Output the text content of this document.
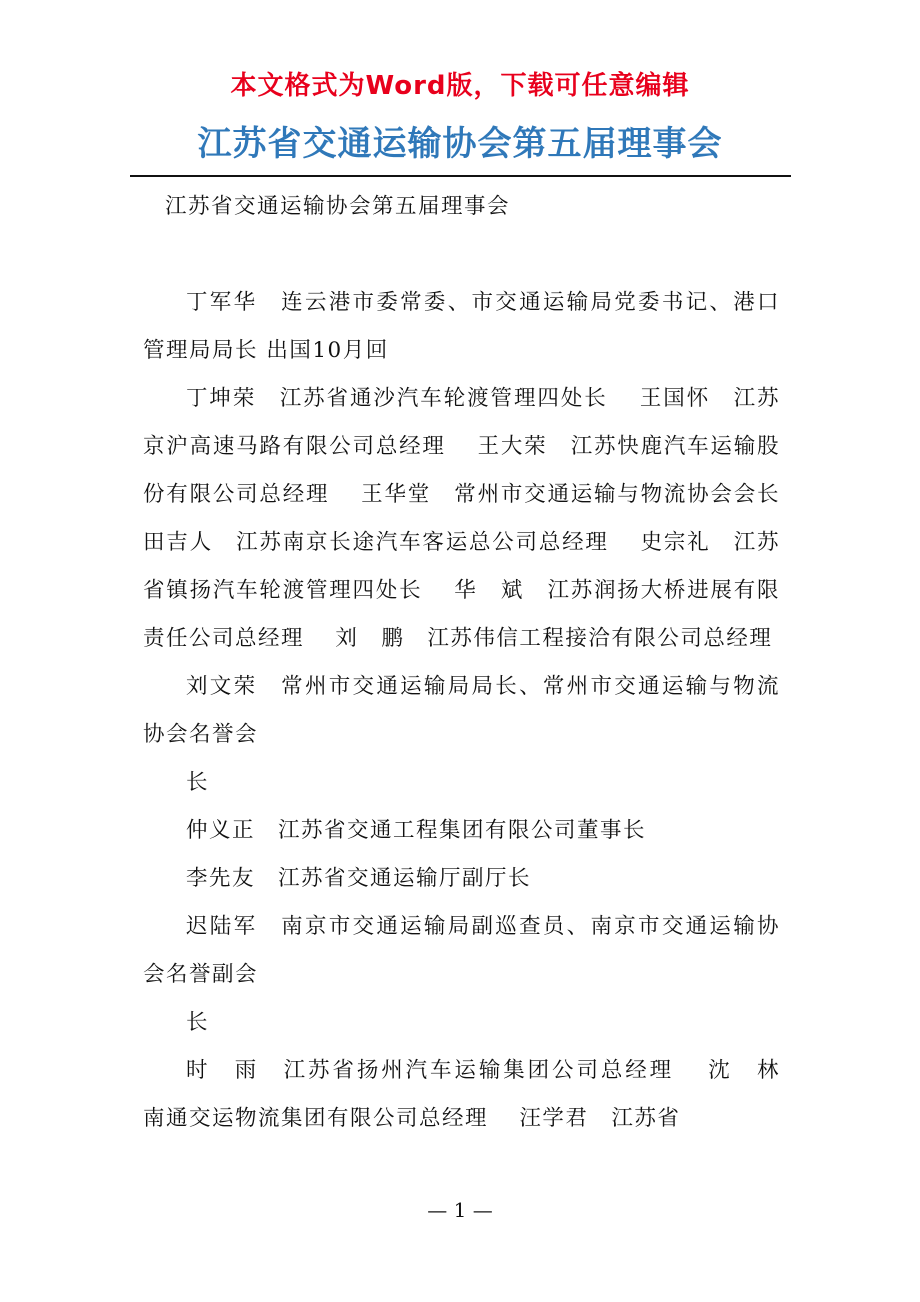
本文格式为Word版，下载可任意编辑
江苏省交通运输协会第五届理事会

江苏省交通运输协会第五届理事会

丁军华　连云港市委常委、市交通运输局党委书记、港口管理局局长 出国10月回

丁坤荣　江苏省通沙汽车轮渡管理四处长　 王国怀　江苏京沪高速马路有限公司总经理　 王大荣　江苏快鹿汽车运输股份有限公司总经理　 王华堂　常州市交通运输与物流协会会长　 田吉人　江苏南京长途汽车客运总公司总经理　 史宗礼　江苏省镇扬汽车轮渡管理四处长　 华　斌　江苏润扬大桥进展有限责任公司总经理　 刘　鹏　江苏伟信工程接洽有限公司总经理

刘文荣　常州市交通运输局局长、常州市交通运输与物流协会名誉会

长

仲义正　江苏省交通工程集团有限公司董事长

李先友　江苏省交通运输厅副厅长

迟陆军　南京市交通运输局副巡查员、南京市交通运输协会名誉副会

长

时　雨　江苏省扬州汽车运输集团公司总经理　 沈　林　南通交运物流集团有限公司总经理　 汪学君　江苏省

— 1 —
